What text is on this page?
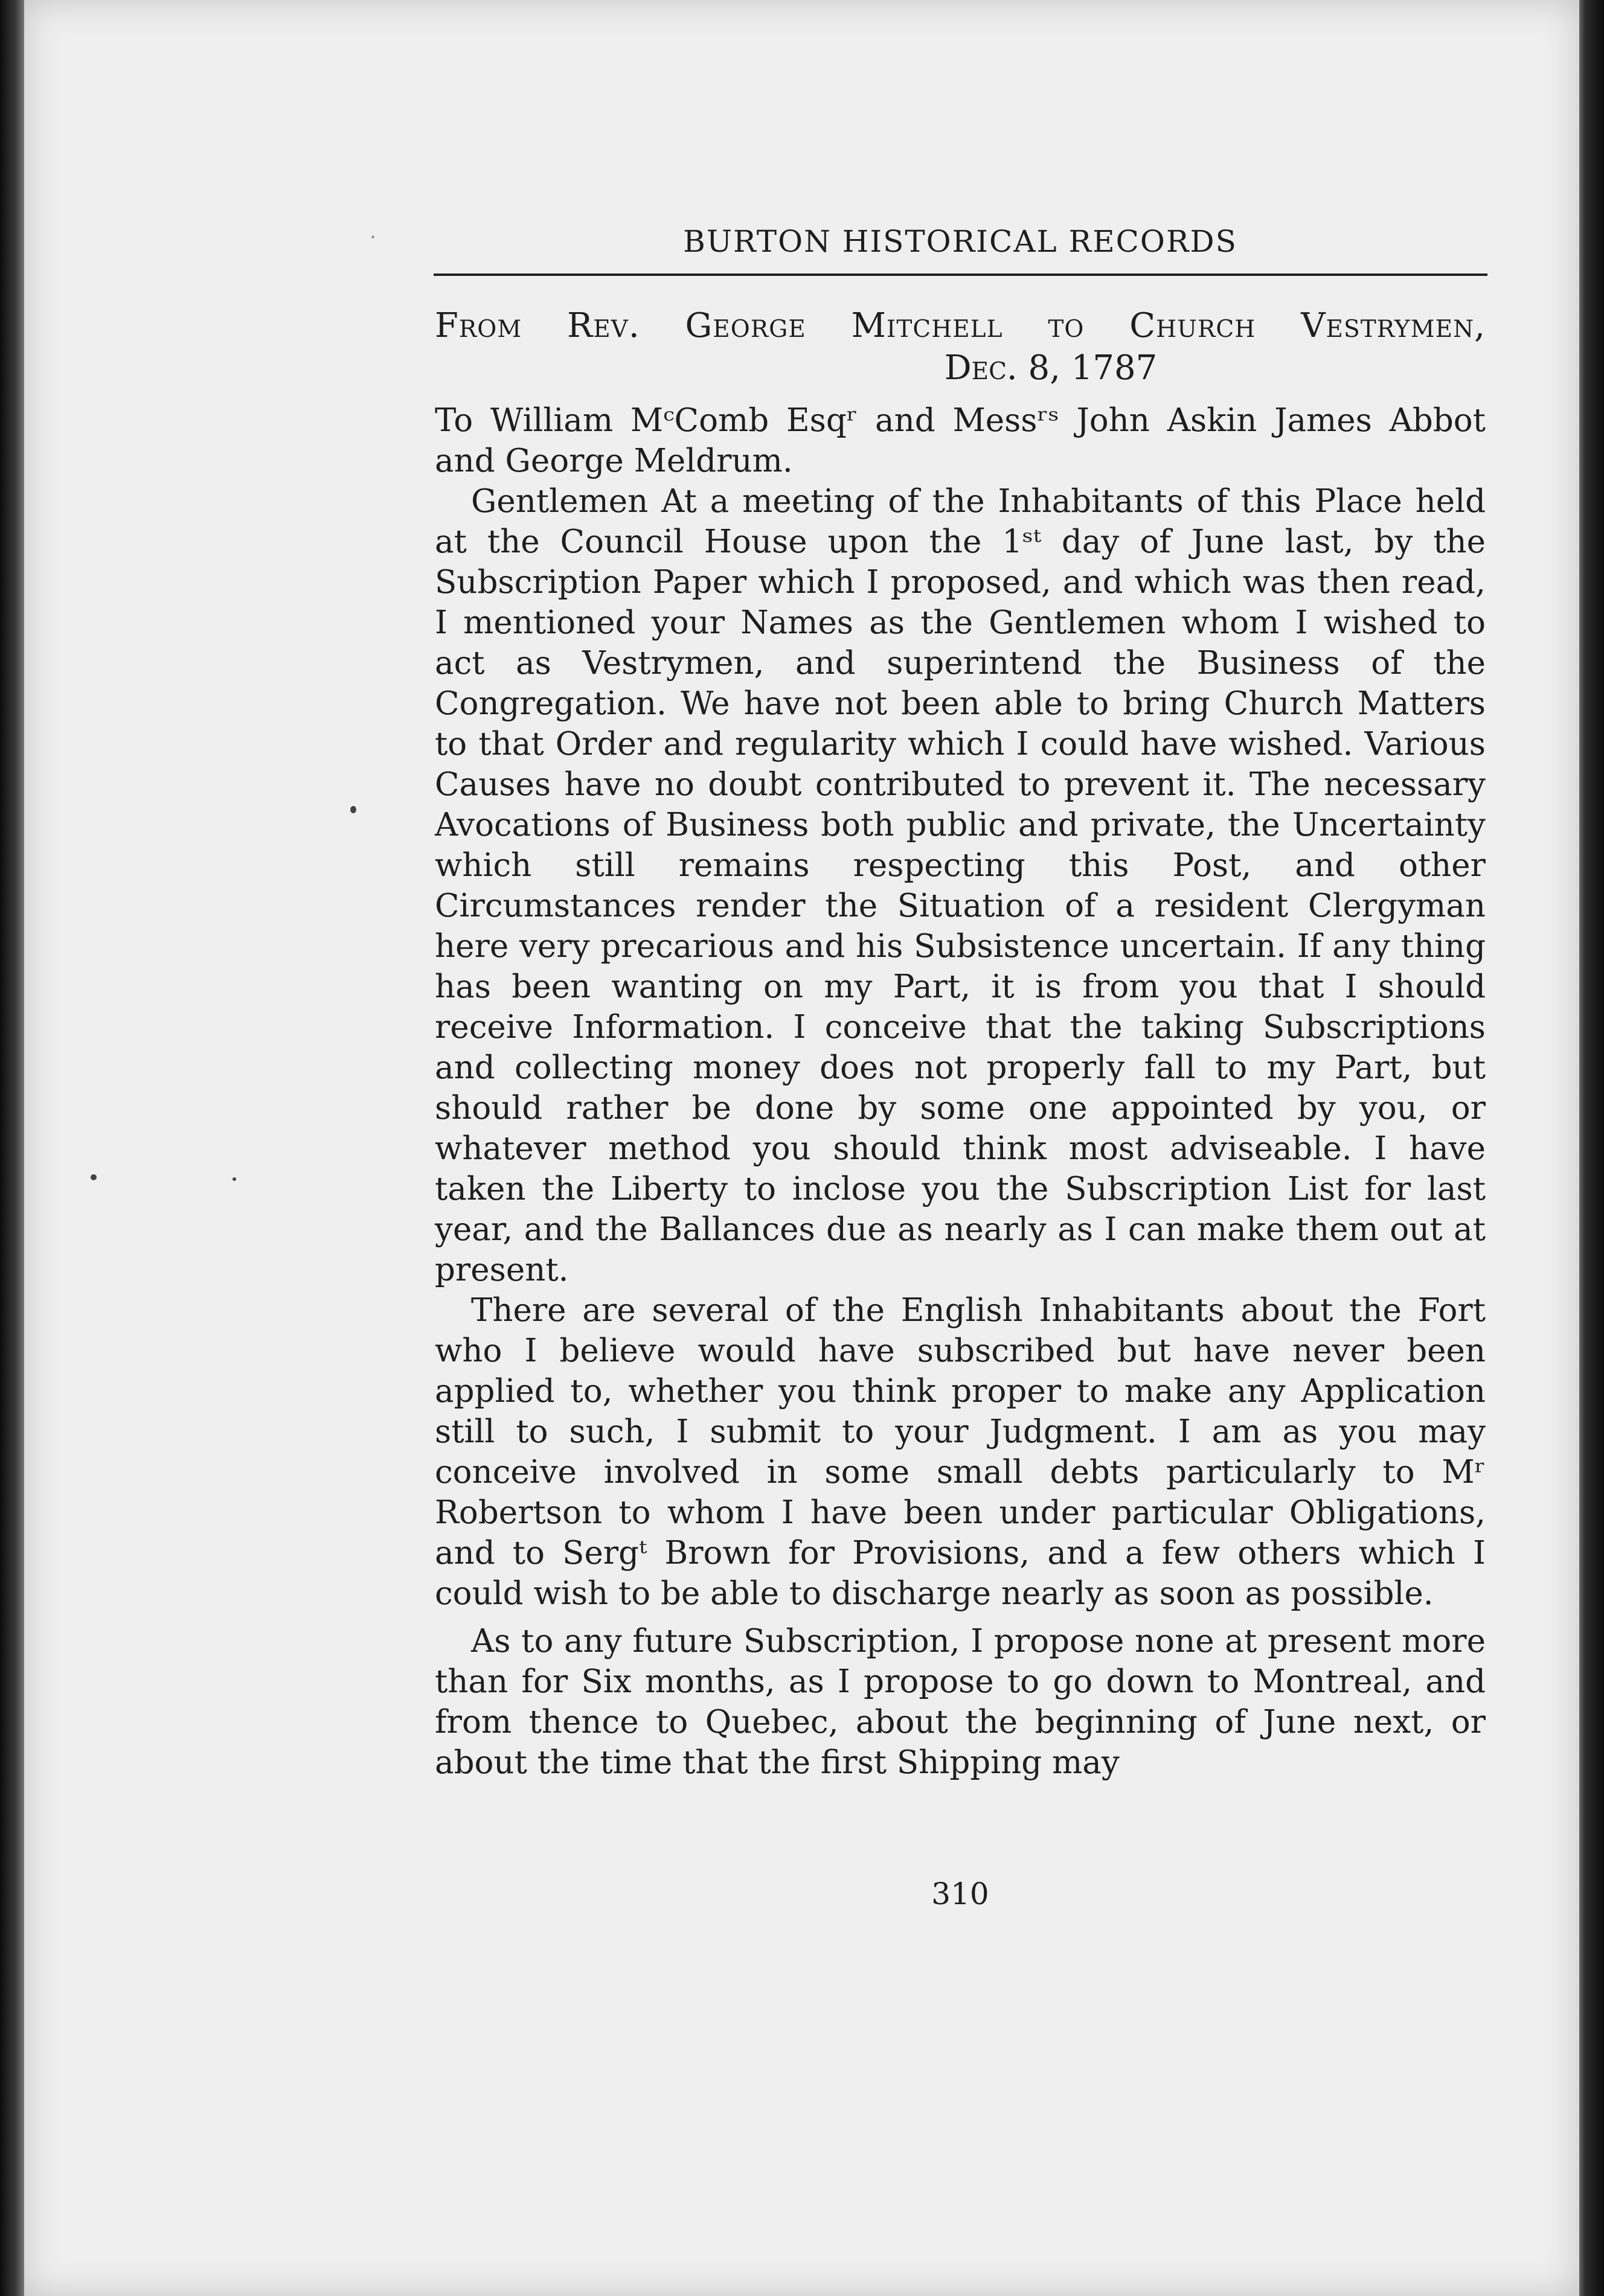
BURTON HISTORICAL RECORDS
From Rev. George Mitchell to Church Vestrymen,
Dec. 8, 1787

To William MᶜComb Esqʳ and Messʳˢ John Askin James Abbot and George Meldrum.

Gentlemen At a meeting of the Inhabitants of this Place held at the Council House upon the 1ˢᵗ day of June last, by the Subscription Paper which I proposed, and which was then read, I mentioned your Names as the Gentlemen whom I wished to act as Vestrymen, and superintend the Business of the Congregation. We have not been able to bring Church Matters to that Order and regularity which I could have wished. Various Causes have no doubt contributed to prevent it. The necessary Avocations of Business both public and private, the Uncertainty which still remains respecting this Post, and other Circumstances render the Situation of a resident Clergyman here very precarious and his Subsistence uncertain. If any thing has been wanting on my Part, it is from you that I should receive Information. I conceive that the taking Subscriptions and collecting money does not properly fall to my Part, but should rather be done by some one appointed by you, or whatever method you should think most adviseable. I have taken the Liberty to inclose you the Subscription List for last year, and the Ballances due as nearly as I can make them out at present.

There are several of the English Inhabitants about the Fort who I believe would have subscribed but have never been applied to, whether you think proper to make any Application still to such, I submit to your Judgment. I am as you may conceive involved in some small debts particularly to Mʳ Robertson to whom I have been under particular Obligations, and to Sergᵗ Brown for Provisions, and a few others which I could wish to be able to discharge nearly as soon as possible.

As to any future Subscription, I propose none at present more than for Six months, as I propose to go down to Montreal, and from thence to Quebec, about the beginning of June next, or about the time that the first Shipping may

310
